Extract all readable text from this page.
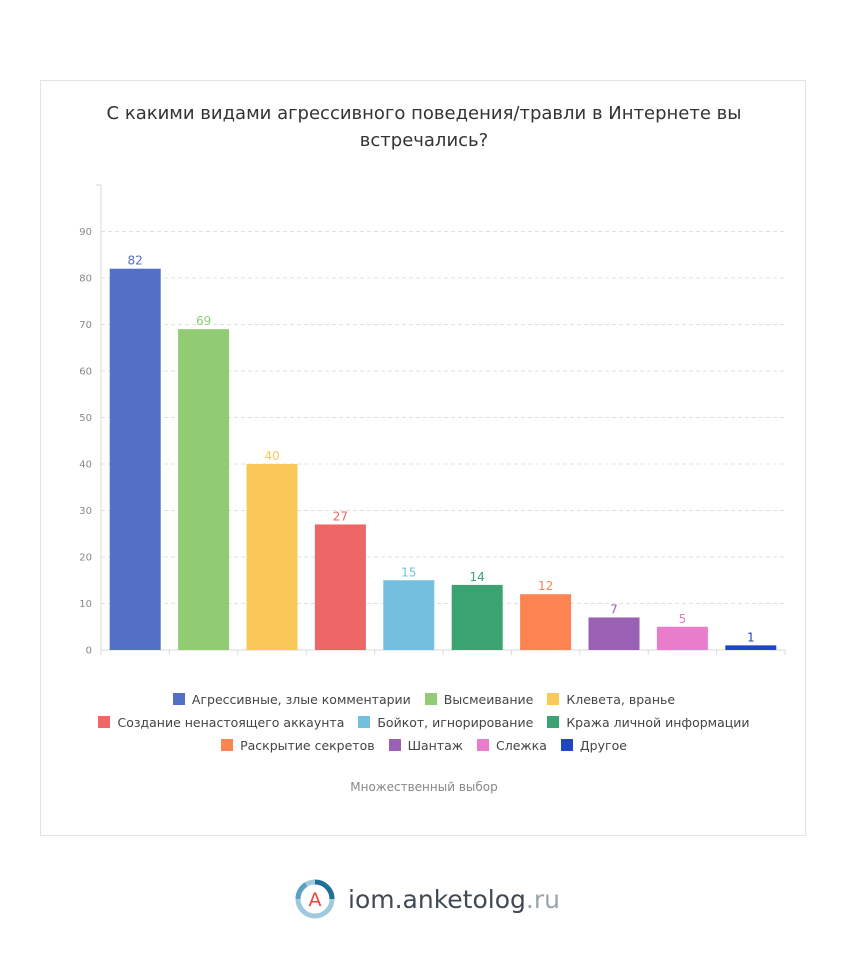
С какими видами агрессивного поведения/травли в Интернете вы встречались?
0
10
20
30
40
50
60
70
80
90
82
69
40
27
15	14
12
7
5
1
Агрессивные, злые комментарии	Высмеивание	Клевета, вранье
Создание ненастоящего аккаунта	Бойкот, игнорирование	Кража личной информации
Раскрытие секретов	Шантаж	Слежка	Другое
Множественный выбор
A iom.anketolog.ru
